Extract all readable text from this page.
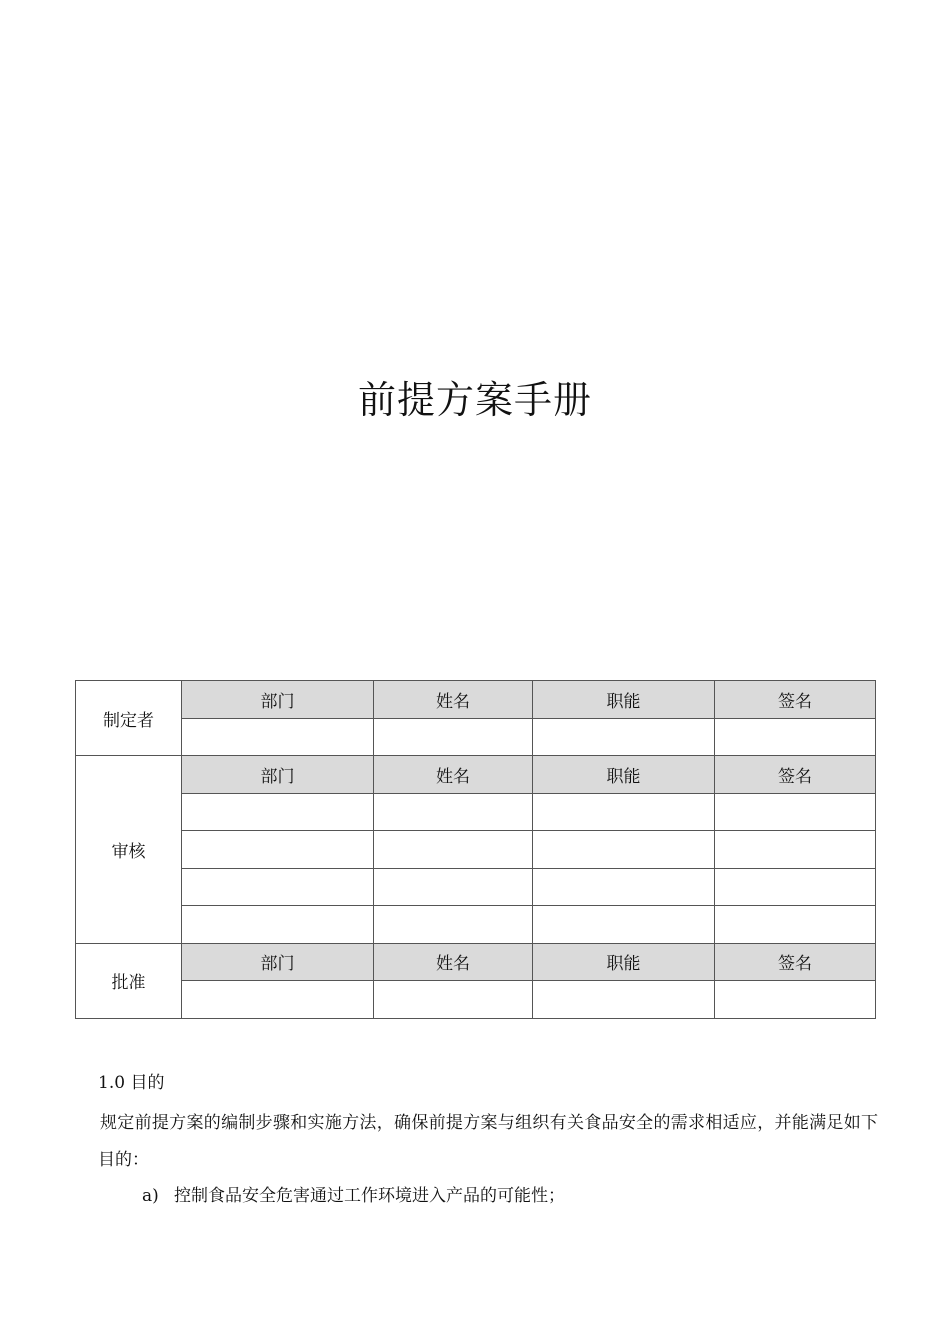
前提方案手册
制定者	部门	姓名	职能	签名

审核	部门	姓名	职能	签名

批准	部门	姓名	职能	签名

1.0 目的
规定前提方案的编制步骤和实施方法，确保前提方案与组织有关食品安全的需求相适应，并能满足如下目的：
a) 控制食品安全危害通过工作环境进入产品的可能性；
